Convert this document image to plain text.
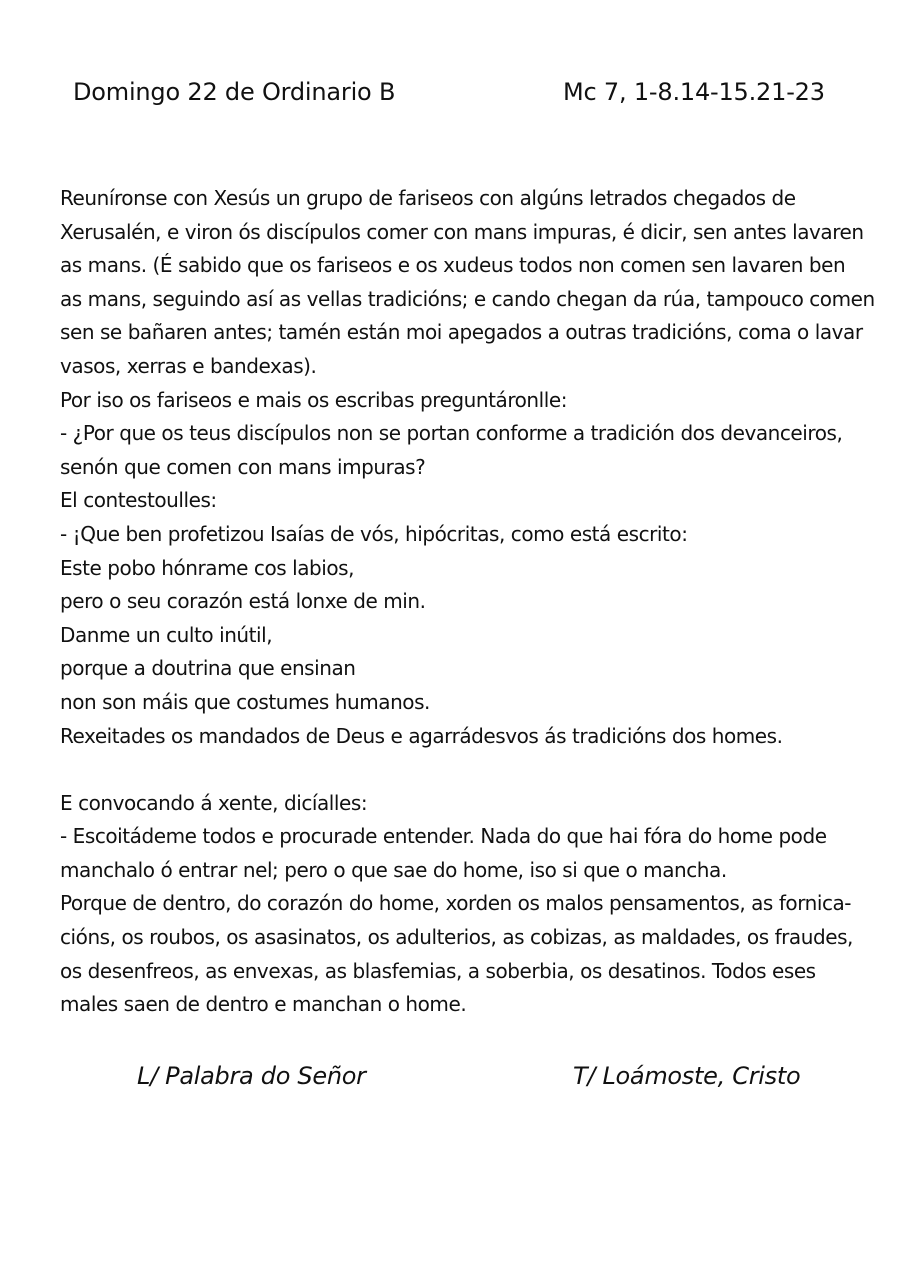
Domingo 22 de Ordinario B	Mc 7, 1-8.14-15.21-23
Reuníronse con Xesús un grupo de fariseos con algúns letrados chegados de
Xerusalén, e viron ós discípulos comer con mans impuras, é dicir, sen antes lavaren
as mans. (É sabido que os fariseos e os xudeus todos non comen sen lavaren ben
as mans, seguindo así as vellas tradicións; e cando chegan da rúa, tampouco comen
sen se bañaren antes; tamén están moi apegados a outras tradicións, coma o lavar
vasos, xerras e bandexas).
Por iso os fariseos e mais os escribas preguntáronlle:
- ¿Por que os teus discípulos non se portan conforme a tradición dos devanceiros,
senón que comen con mans impuras?
El contestoulles:
- ¡Que ben profetizou Isaías de vós, hipócritas, como está escrito:
Este pobo hónrame cos labios,
pero o seu corazón está lonxe de min.
Danme un culto inútil,
porque a doutrina que ensinan
non son máis que costumes humanos.
Rexeitades os mandados de Deus e agarrádesvos ás tradicións dos homes.
E convocando á xente, dicíalles:
- Escoitádeme todos e procurade entender. Nada do que hai fóra do home pode
manchalo ó entrar nel; pero o que sae do home, iso si que o mancha.
Porque de dentro, do corazón do home, xorden os malos pensamentos, as fornica-
cións, os roubos, os asasinatos, os adulterios, as cobizas, as maldades, os fraudes,
os desenfreos, as envexas, as blasfemias, a soberbia, os desatinos. Todos eses
males saen de dentro e manchan o home.
L/ Palabra do Señor	T/ Loámoste, Cristo
